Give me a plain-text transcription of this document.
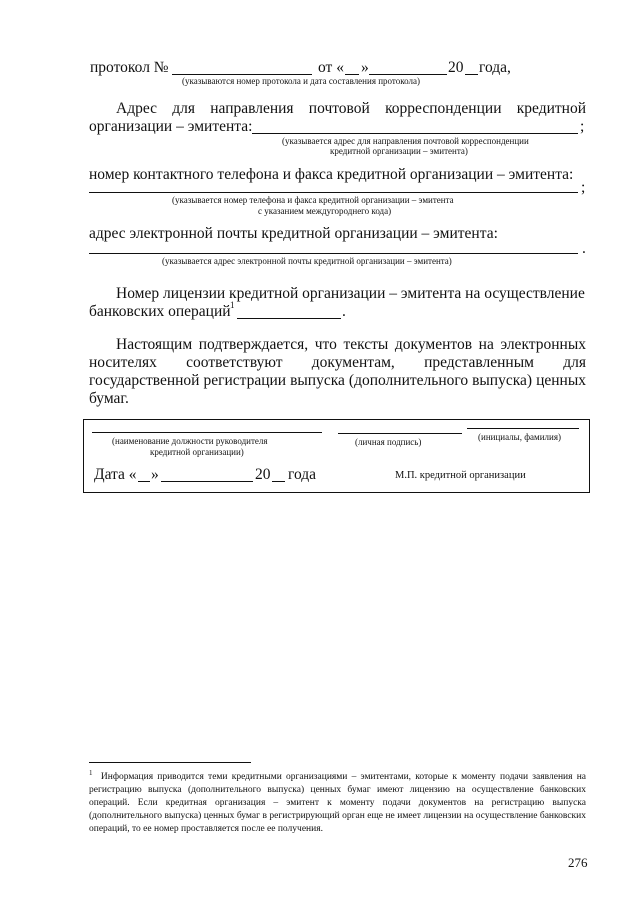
протокол №	от « »	20 года,
(указываются номер протокола и дата составления протокола)
Адрес для направления почтовой корреспонденции кредитной
организации – эмитента:	;
(указывается адрес для направления почтовой корреспонденции
кредитной организации – эмитента)
номер контактного телефона и факса кредитной организации – эмитента:
;
(указывается номер телефона и факса кредитной организации – эмитента
с указанием междугороднего кода)
адрес электронной почты кредитной организации – эмитента:
.
(указывается адрес электронной почты кредитной организации – эмитента)
Номер лицензии кредитной организации – эмитента на осуществление
банковских операций 1	.
Настоящим подтверждается, что тексты документов на электронных
носителях соответствуют документам, представленным для
государственной регистрации выпуска (дополнительного выпуска) ценных
бумаг.
(наименование должности руководителя
кредитной организации)
(личная подпись)	(инициалы, фамилия)
Дата « »	20 года	М.П. кредитной организации
$^1$ Информация приводится теми кредитными организациями – эмитентами, которые к моменту подачи заявления на регистрацию выпуска (дополнительного выпуска) ценных бумаг имеют лицензию на осуществление банковских операций. Если кредитная организация – эмитент к моменту подачи документов на регистрацию выпуска (дополнительного выпуска) ценных бумаг в регистрирующий орган еще не имеет лицензии на осуществление банковских операций, то ее номер проставляется после ее получения.
276
